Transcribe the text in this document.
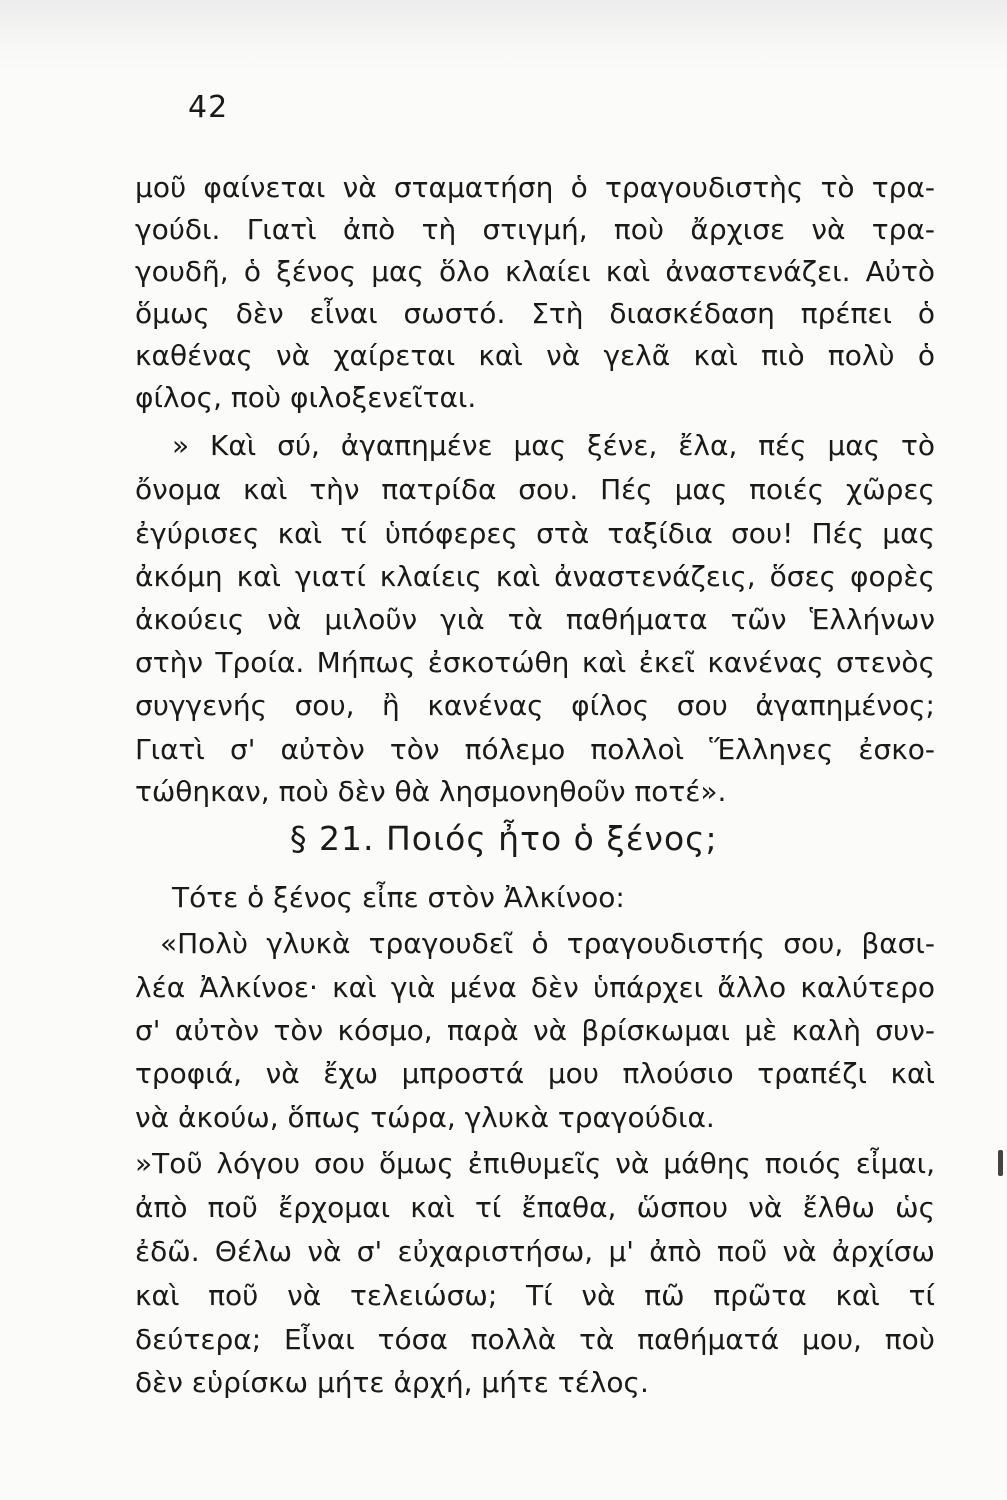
42
μοῦ φαίνεται νὰ σταματήση ὁ τραγουδιστὴς τὸ τρα-
γούδι. Γιατὶ ἀπὸ τὴ στιγμή, ποὺ ἄρχισε νὰ τρα-
γουδῆ, ὁ ξένος μας ὅλο κλαίει καὶ ἀναστενάζει. Αὐτὸ
ὅμως δὲν εἶναι σωστό. Στὴ διασκέδαση πρέπει ὁ
καθένας νὰ χαίρεται καὶ νὰ γελᾶ καὶ πιὸ πολὺ ὁ
φίλος, ποὺ φιλοξενεῖται.
» Καὶ σύ, ἀγαπημένε μας ξένε, ἔλα, πές μας τὸ
ὄνομα καὶ τὴν πατρίδα σου. Πές μας ποιές χῶρες
ἐγύρισες καὶ τί ὑπόφερες στὰ ταξίδια σου! Πές μας
ἀκόμη καὶ γιατί κλαίεις καὶ ἀναστενάζεις, ὅσες φορὲς
ἀκούεις νὰ μιλοῦν γιὰ τὰ παθήματα τῶν Ἑλλήνων
στὴν Τροία. Μήπως ἐσκοτώθη καὶ ἐκεῖ κανένας στενὸς
συγγενής σου, ἢ κανένας φίλος σου ἀγαπημένος;
Γιατὶ σ' αὐτὸν τὸν πόλεμο πολλοὶ Ἕλληνες ἐσκο-
τώθηκαν, ποὺ δὲν θὰ λησμονηθοῦν ποτέ».
§ 21. Ποιός ἦτο ὁ ξένος;
Τότε ὁ ξένος εἶπε στὸν Ἀλκίνοο:
«Πολὺ γλυκὰ τραγουδεῖ ὁ τραγουδιστής σου, βασι-
λέα Ἀλκίνοε· καὶ γιὰ μένα δὲν ὑπάρχει ἄλλο καλύτερο
σ' αὐτὸν τὸν κόσμο, παρὰ νὰ βρίσκωμαι μὲ καλὴ συν-
τροφιά, νὰ ἔχω μπροστά μου πλούσιο τραπέζι καὶ
νὰ ἀκούω, ὅπως τώρα, γλυκὰ τραγούδια.
»Τοῦ λόγου σου ὅμως ἐπιθυμεῖς νὰ μάθης ποιός εἶμαι,
ἀπὸ ποῦ ἔρχομαι καὶ τί ἔπαθα, ὥσπου νὰ ἔλθω ὡς
ἐδῶ. Θέλω νὰ σ' εὐχαριστήσω, μ' ἀπὸ ποῦ νὰ ἀρχίσω
καὶ ποῦ νὰ τελειώσω; Τί νὰ πῶ πρῶτα καὶ τί
δεύτερα; Εἶναι τόσα πολλὰ τὰ παθήματά μου, ποὺ
δὲν εὑρίσκω μήτε ἀρχή, μήτε τέλος.
